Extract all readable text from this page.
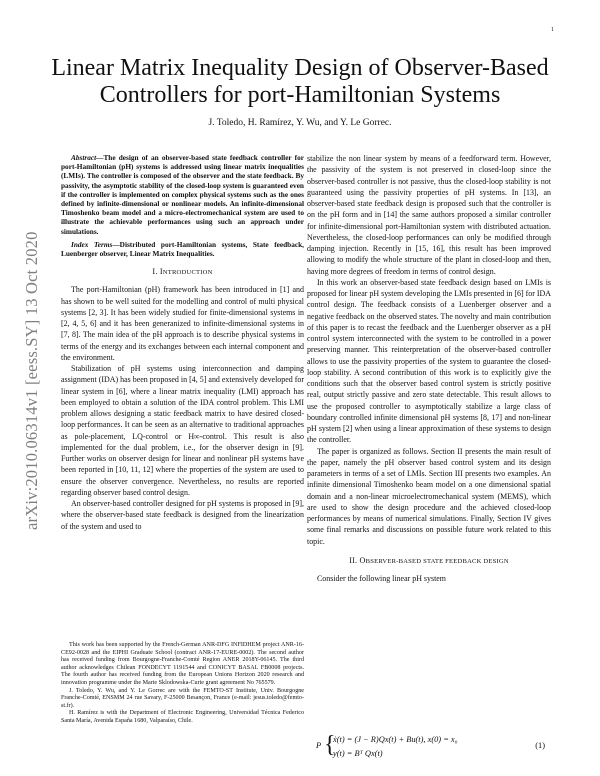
1
arXiv:2010.06314v1 [eess.SY] 13 Oct 2020
Linear Matrix Inequality Design of Observer-Based Controllers for port-Hamiltonian Systems
J. Toledo, H. Ramírez, Y. Wu, and Y. Le Gorrec.

Abstract—The design of an observer-based state feedback controller for port-Hamiltonian (pH) systems is addressed using linear matrix inequalities (LMIs). The controller is composed of the observer and the state feedback. By passivity, the asymptotic stability of the closed-loop system is guaranteed even if the controller is implemented on complex physical systems such as the ones defined by infinite-dimensional or nonlinear models. An infinite-dimensional Timoshenko beam model and a micro-electromechanical system are used to illustrate the achievable performances using such an approach under simulations.

Index Terms—Distributed port-Hamiltonian systems, State feedback, Luenberger observer, Linear Matrix Inequalities.

I. INTRODUCTION

The port-Hamiltonian (pH) framework has been introduced in [1] and has shown to be well suited for the modelling and control of multi physical systems [2, 3]. It has been widely studied for finite-dimensional systems in [2, 4, 5, 6] and it has been generanized to infinite-dimensional systems in [7, 8]. The main idea of the pH approach is to describe physical systems in terms of the energy and its exchanges between each internal component and the environment.

Stabilization of pH systems using interconnection and damping assignment (IDA) has been proposed in [4, 5] and extensively developed for linear system in [6], where a linear matrix inequality (LMI) approach has been employed to obtain a solution of the IDA control problem. This LMI problem allows designing a static feedback matrix to have desired closed-loop performances. It can be seen as an alternative to traditional approaches as pole-placement, LQ-control or H∞-control. This result is also implemented for the dual problem, i.e., for the observer design in [9]. Further works on observer design for linear and nonlinear pH systems have been reported in [10, 11, 12] where the properties of the system are used to ensure the observer convergence. Nevertheless, no results are reported regarding observer based control design.

An observer-based controller designed for pH systems is proposed in [9], where the observer-based state feedback is designed from the linearization of the system and used to

This work has been supported by the French-German ANR-DFG INFIDHEM project ANR-16-CE92-0028 and the EIPHI Graduate School (contract ANR-17-EURE-0002). The second author has received funding from Bourgogne-Franche-Comté Region ANER 2018Y-06145. The third author acknowledges Chilean FONDECYT 1191544 and CONICYT BASAL FB0008 projects. The fourth author has received funding from the European Unions Horizon 2020 research and innovation programme under the Marie Sklodowska-Curie grant agreement No 765579.

J. Toledo, Y. Wu, and Y. Le Gorrec are with the FEMTO-ST Institute, Univ. Bourgogne Franche-Comté, ENSMM 24 rue Savary, F-25000 Besançon, France (e-mail: jesus.toledo@femto-st.fr).

H. Ramírez is with the Department of Electronic Engineering, Universidad Técnica Federico Santa María, Avenida España 1680, Valparaíso, Chile.

stabilize the non linear system by means of a feedforward term. However, the passivity of the system is not preserved in closed-loop since the observer-based controller is not passive, thus the closed-loop stability is not guaranteed using the passivity properties of pH systems. In [13], an observer-based state feedback design is proposed such that the controller is on the pH form and in [14] the same authors proposed a similar controller for infinite-dimensional port-Hamiltonian system with distributed actuation. Nevertheless, the closed-loop performances can only be modified through damping injection. Recently in [15, 16], this result has been improved allowing to modify the whole structure of the plant in closed-loop and then, having more degrees of freedom in terms of control design.

In this work an observer-based state feedback design based on LMIs is proposed for linear pH system developing the LMIs presented in [6] for IDA control design. The feedback consists of a Luenberger observer and a negative feedback on the observed states. The novelty and main contribution of this paper is to recast the feedback and the Luenberger observer as a pH control system interconnected with the system to be controlled in a power preserving manner. This reinterpretation of the observer-based controller allows to use the passivity properties of the system to guarantee the closed-loop stability. A second contribution of this work is to explicitly give the conditions such that the observer based control system is strictly positive real, output strictly passive and zero state detectable. This result allows to use the proposed controller to asymptotically stabilize a large class of boundary controlled infinite dimensional pH systems [8, 17] and non-linear pH system [2] when using a linear approximation of these systems to design the controller.

The paper is organized as follows. Section II presents the main result of the paper, namely the pH observer based control system and its design parameters in terms of a set of LMIs. Section III presents two examples. An infinite dimensional Timoshenko beam model on a one dimensional spatial domain and a non-linear microelectromechanical system (MEMS), which are used to show the design procedure and the achieved closed-loop performances by means of numerical simulations. Finally, Section IV gives some final remarks and discussions on possible future work related to this topic.

II. OBSERVER-BASED STATE FEEDBACK DESIGN

Consider the following linear pH system

P {
ẋ(t) = (J − R)Qx(t) + Bu(t), x(0) = x₀
y(t) = Bᵀ Qx(t)
(1)
